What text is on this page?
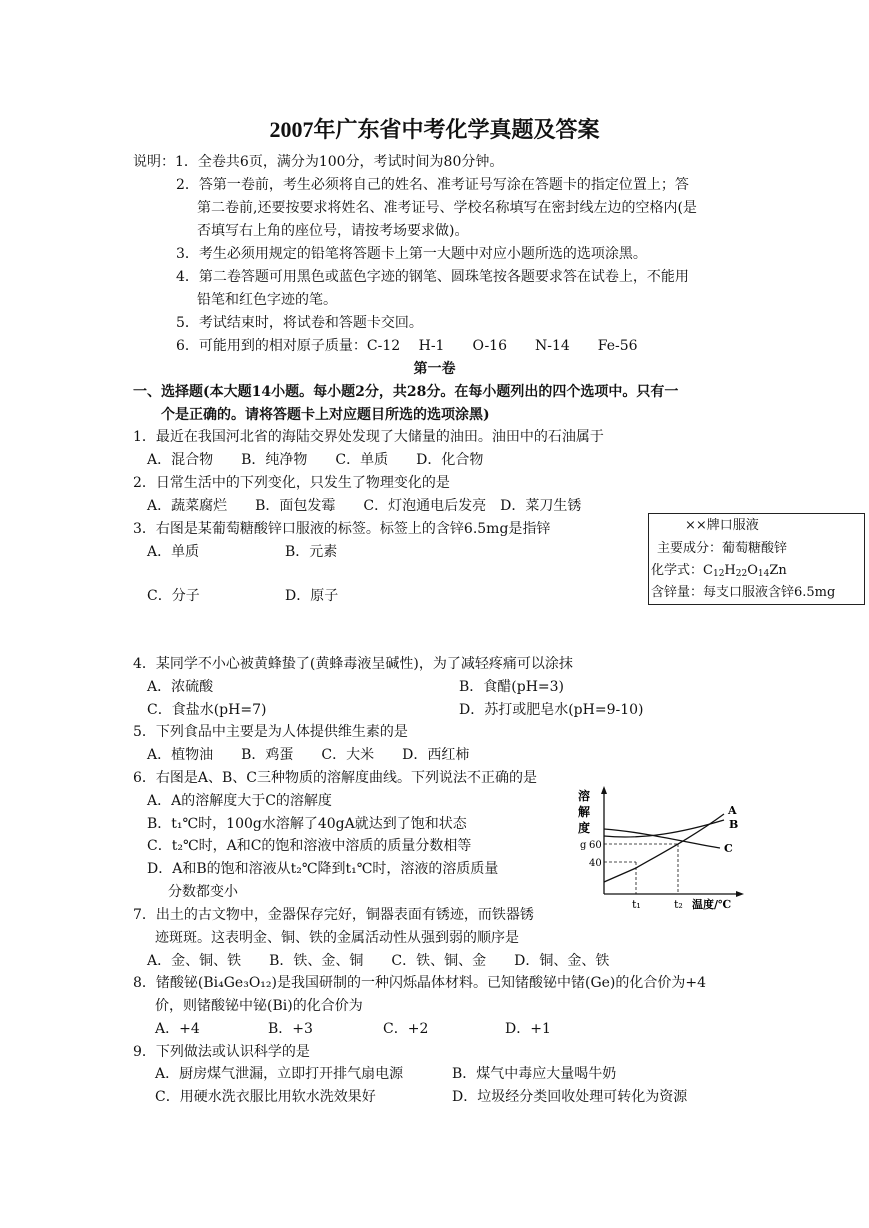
2007年广东省中考化学真题及答案
说明：1．全卷共6页，满分为100分，考试时间为80分钟。
2．答第一卷前，考生必须将自己的姓名、准考证号写涂在答题卡的指定位置上；答
第二卷前,还要按要求将姓名、准考证号、学校名称填写在密封线左边的空格内(是
否填写右上角的座位号，请按考场要求做)。
3．考生必须用规定的铅笔将答题卡上第一大题中对应小题所选的选项涂黑。
4．第二卷答题可用黑色或蓝色字迹的钢笔、圆珠笔按各题要求答在试卷上，不能用
铅笔和红色字迹的笔。
5．考试结束时，将试卷和答题卡交回。
6．可能用到的相对原子质量：C-12　 H-1　　O-16　　N-14　　Fe-56
第一卷
一、选择题(本大题14小题。每小题2分，共28分。在每小题列出的四个选项中。只有一
个是正确的。请将答题卡上对应题目所选的选项涂黑)
1．最近在我国河北省的海陆交界处发现了大储量的油田。油田中的石油属于
A．混合物　　B．纯净物　　C．单质　　D．化合物
2．日常生活中的下列变化，只发生了物理变化的是
A．蔬菜腐烂　　B．面包发霉　　C．灯泡通电后发亮　D．菜刀生锈
3．右图是某葡萄糖酸锌口服液的标签。标签上的含锌6.5mg是指锌
A．单质	B．元素
C．分子	D．原子
××牌口服液
主要成分：葡萄糖酸锌
化学式：$C_{12}H_{22}O_{14}Zn$
含锌量：每支口服液含锌6.5mg
4．某同学不小心被黄蜂蛰了(黄蜂毒液呈碱性)，为了减轻疼痛可以涂抹
A．浓硫酸	B．食醋(pH=3)
C．食盐水(pH=7)	D．苏打或肥皂水(pH=9-10)
5．下列食品中主要是为人体提供维生素的是
A．植物油　　B．鸡蛋　　C．大米　　D．西红柿
6．右图是A、B、C三种物质的溶解度曲线。下列说法不正确的是
A．A的溶解度大于C的溶解度
B．t₁℃时，100g水溶解了40gA就达到了饱和状态
C．t₂℃时，A和C的饱和溶液中溶质的质量分数相等
D．A和B的饱和溶液从t₂℃降到t₁℃时，溶液的溶质质量
分数都变小
溶
解
度
g 60
40
A
B
C
t₁	t₂ 温度/℃
7．出土的古文物中，金器保存完好，铜器表面有锈迹，而铁器锈
迹斑斑。这表明金、铜、铁的金属活动性从强到弱的顺序是
A．金、铜、铁　　B．铁、金、铜　　C．铁、铜、金　　D．铜、金、铁
8．锗酸铋(Bi₄Ge₃O₁₂)是我国研制的一种闪烁晶体材料。已知锗酸铋中锗(Ge)的化合价为+4
价，则锗酸铋中铋(Bi)的化合价为
A．+4	B．+3	C．+2	D．+1
9．下列做法或认识科学的是
A．厨房煤气泄漏，立即打开排气扇电源	B．煤气中毒应大量喝牛奶
C．用硬水洗衣服比用软水洗效果好	D．垃圾经分类回收处理可转化为资源
